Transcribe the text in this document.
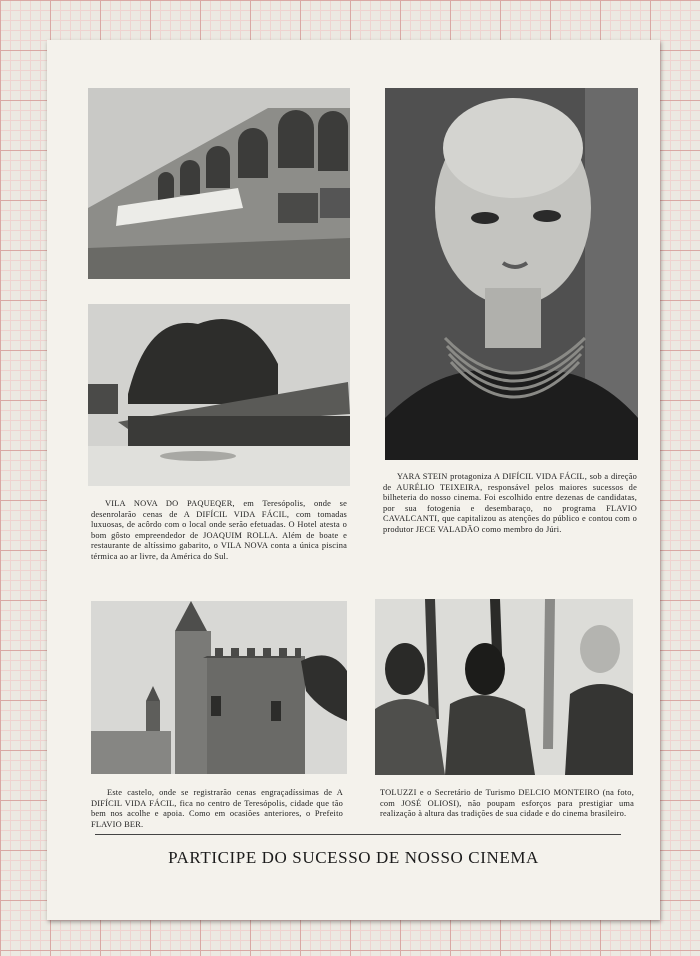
VILA NOVA DO PAQUEQER, em Teresópolis, onde se desenrolarão cenas de A DIFÍCIL VIDA FÁCIL, com tomadas luxuosas, de acôrdo com o local onde serão efetuadas. O Hotel atesta o bom gôsto empreendedor de JOAQUIM ROLLA. Além de boate e restaurante de altíssimo gabarito, o VILA NOVA conta a única piscina térmica ao ar livre, da América do Sul.

YARA STEIN protagoniza A DIFÍCIL VIDA FÁCIL, sob a direção de AURÉLIO TEIXEIRA, responsável pelos maiores sucessos de bilheteria do nosso cinema. Foi escolhido entre dezenas de candidatas, por sua fotogenia e desembaraço, no programa FLAVIO CAVALCANTI, que capitalizou as atenções do público e contou com o produtor JECE VALADÃO como membro do Júri.

Este castelo, onde se registrarão cenas engraçadíssimas de A DIFÍCIL VIDA FÁCIL, fica no centro de Teresópolis, cidade que tão bem nos acolhe e apoia. Como em ocasiões anteriores, o Prefeito FLAVIO BER.

TOLUZZI e o Secretário de Turismo DELCIO MONTEIRO (na foto, com JOSÉ OLIOSI), não poupam esforços para prestigiar uma realização à altura das tradições de sua cidade e do cinema brasileiro.

PARTICIPE DO SUCESSO DE NOSSO CINEMA
